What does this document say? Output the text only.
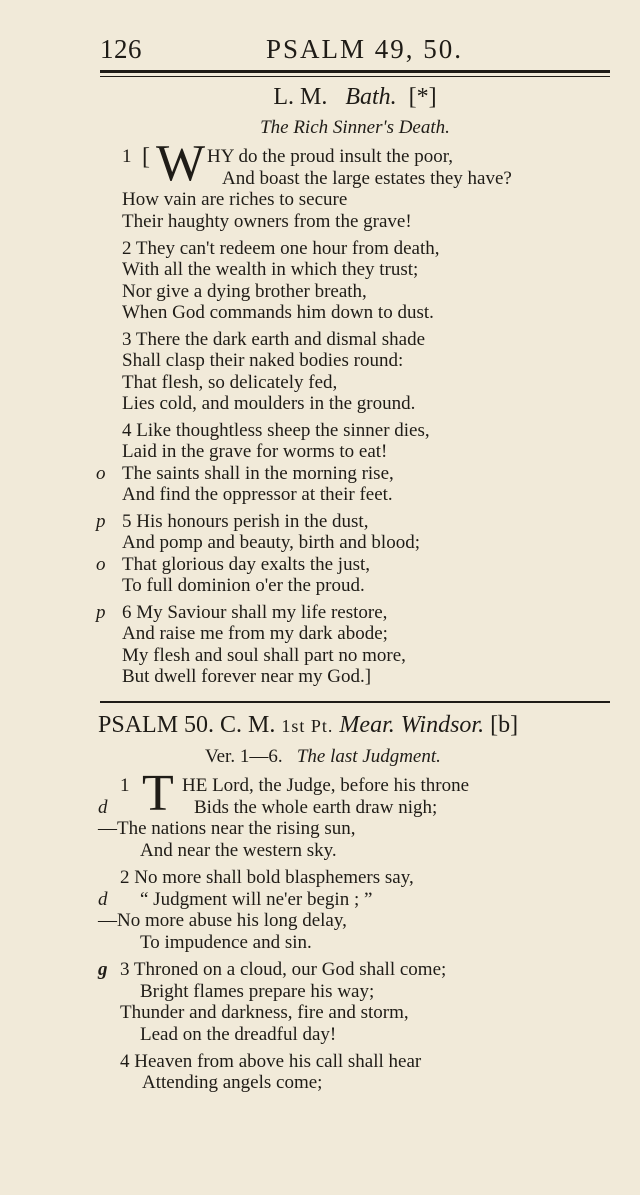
126	PSALM 49, 50.
L. M. Bath. [*]
The Rich Sinner's Death.
1 [ W HY do the proud insult the poor,
And boast the large estates they have?
How vain are riches to secure
Their haughty owners from the grave!
2 They can't redeem one hour from death,
With all the wealth in which they trust;
Nor give a dying brother breath,
When God commands him down to dust.
3 There the dark earth and dismal shade
Shall clasp their naked bodies round:
That flesh, so delicately fed,
Lies cold, and moulders in the ground.
4 Like thoughtless sheep the sinner dies,
Laid in the grave for worms to eat!
o The saints shall in the morning rise,
And find the oppressor at their feet.
p 5 His honours perish in the dust,
And pomp and beauty, birth and blood;
o That glorious day exalts the just,
To full dominion o'er the proud.
p 6 My Saviour shall my life restore,
And raise me from my dark abode;
My flesh and soul shall part no more,
But dwell forever near my God.]
PSALM 50. C. M. 1st Pt. Mear. Windsor. [b]
Ver. 1—6. The last Judgment.
1 T HE Lord, the Judge, before his throne
d	Bids the whole earth draw nigh;
—The nations near the rising sun,
And near the western sky.
2 No more shall bold blasphemers say,
d “ Judgment will ne'er begin ; ”
—No more abuse his long delay,
To impudence and sin.
g 3 Throned on a cloud, our God shall come;
Bright flames prepare his way;
Thunder and darkness, fire and storm,
Lead on the dreadful day!
4 Heaven from above his call shall hear
Attending angels come;
